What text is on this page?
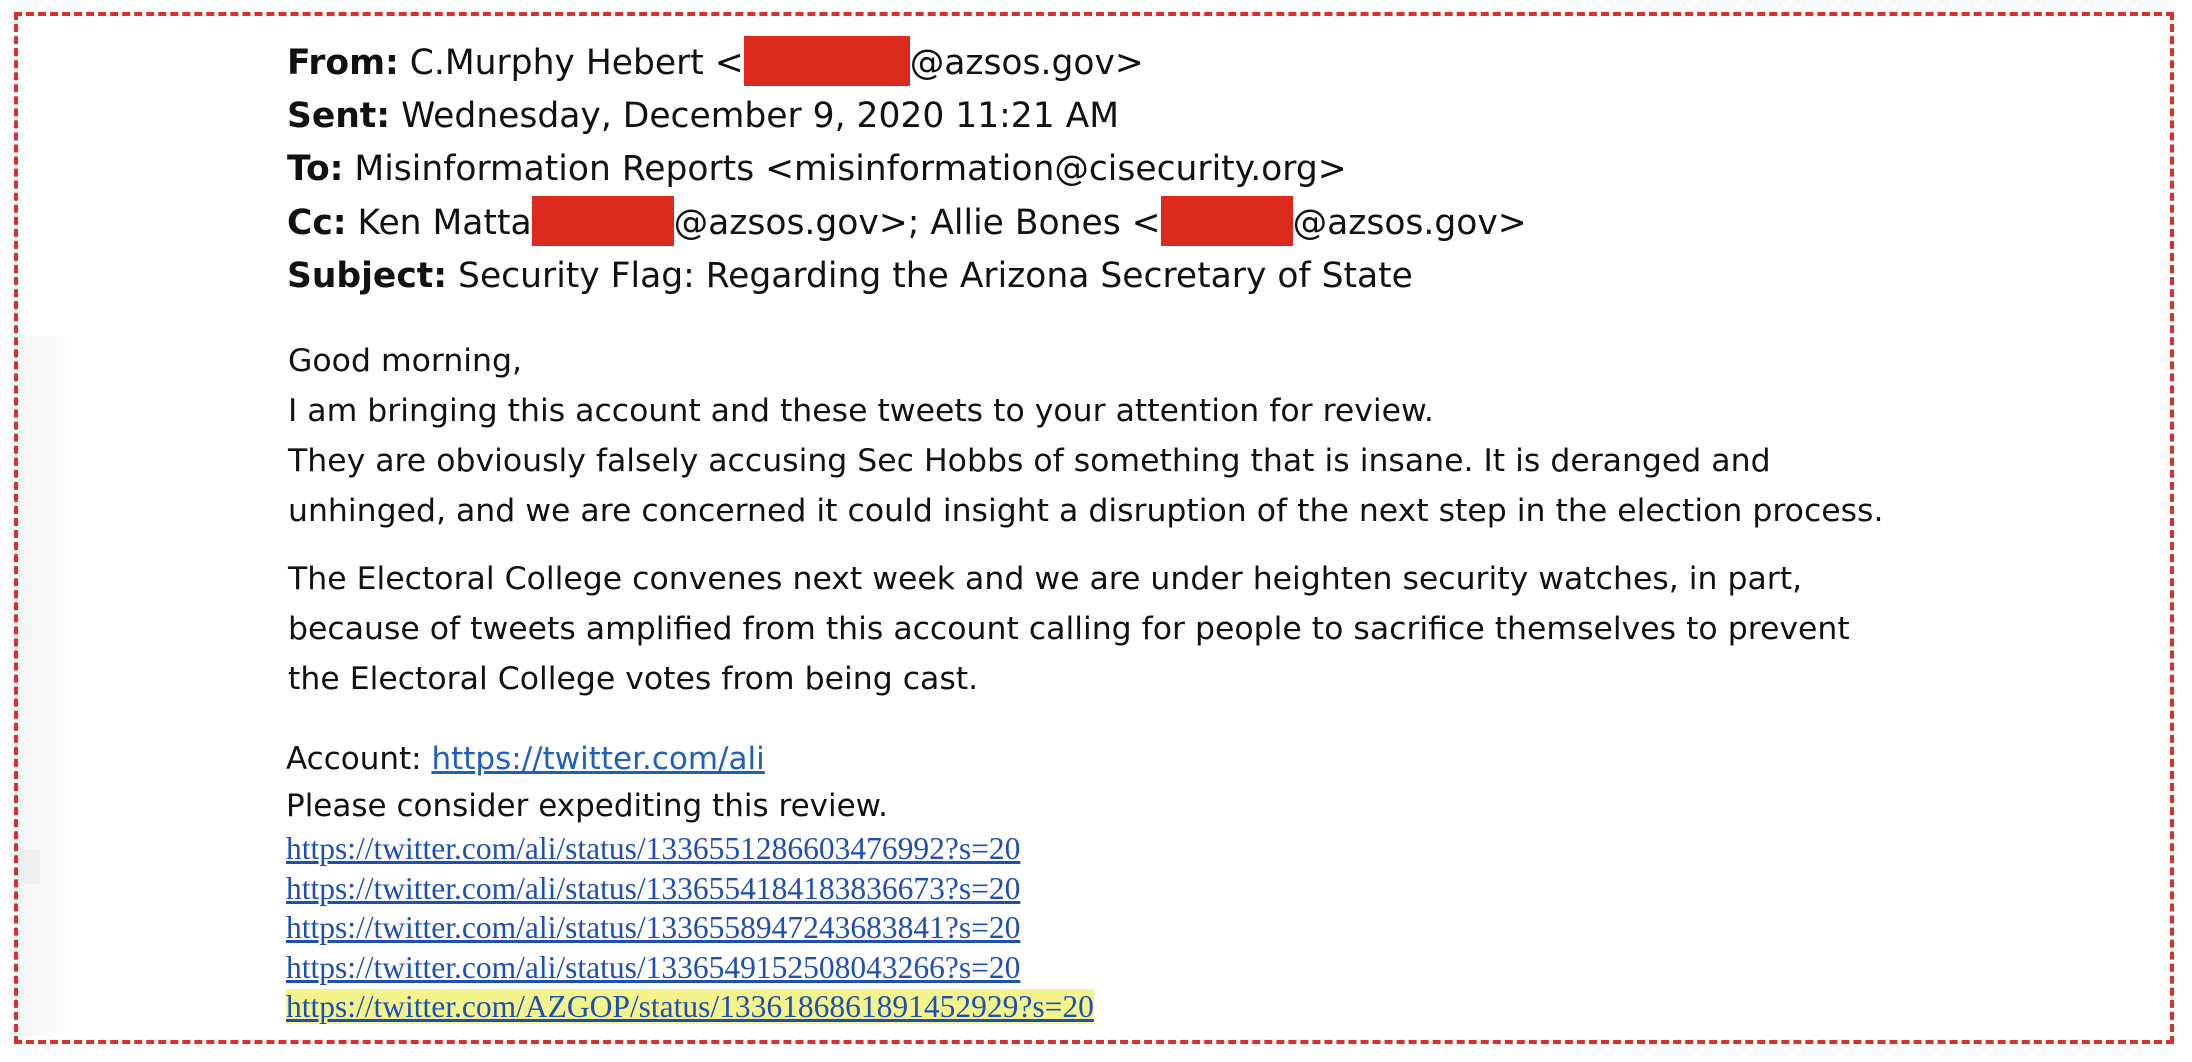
From: C.Murphy Hebert <	@azsos.gov>
Sent: Wednesday, December 9, 2020 11:21 AM
To: Misinformation Reports <misinformation@cisecurity.org>
Cc: Ken Matta	@azsos.gov>; Allie Bones <	@azsos.gov>
Subject: Security Flag: Regarding the Arizona Secretary of State
Good morning,
I am bringing this account and these tweets to your attention for review.
They are obviously falsely accusing Sec Hobbs of something that is insane. It is deranged and
unhinged, and we are concerned it could insight a disruption of the next step in the election process.
The Electoral College convenes next week and we are under heighten security watches, in part,
because of tweets amplified from this account calling for people to sacrifice themselves to prevent
the Electoral College votes from being cast.
Account: https://twitter.com/ali
Please consider expediting this review.
https://twitter.com/ali/status/1336551286603476992?s=20
https://twitter.com/ali/status/1336554184183836673?s=20
https://twitter.com/ali/status/1336558947243683841?s=20
https://twitter.com/ali/status/1336549152508043266?s=20
https://twitter.com/AZGOP/status/1336186861891452929?s=20
